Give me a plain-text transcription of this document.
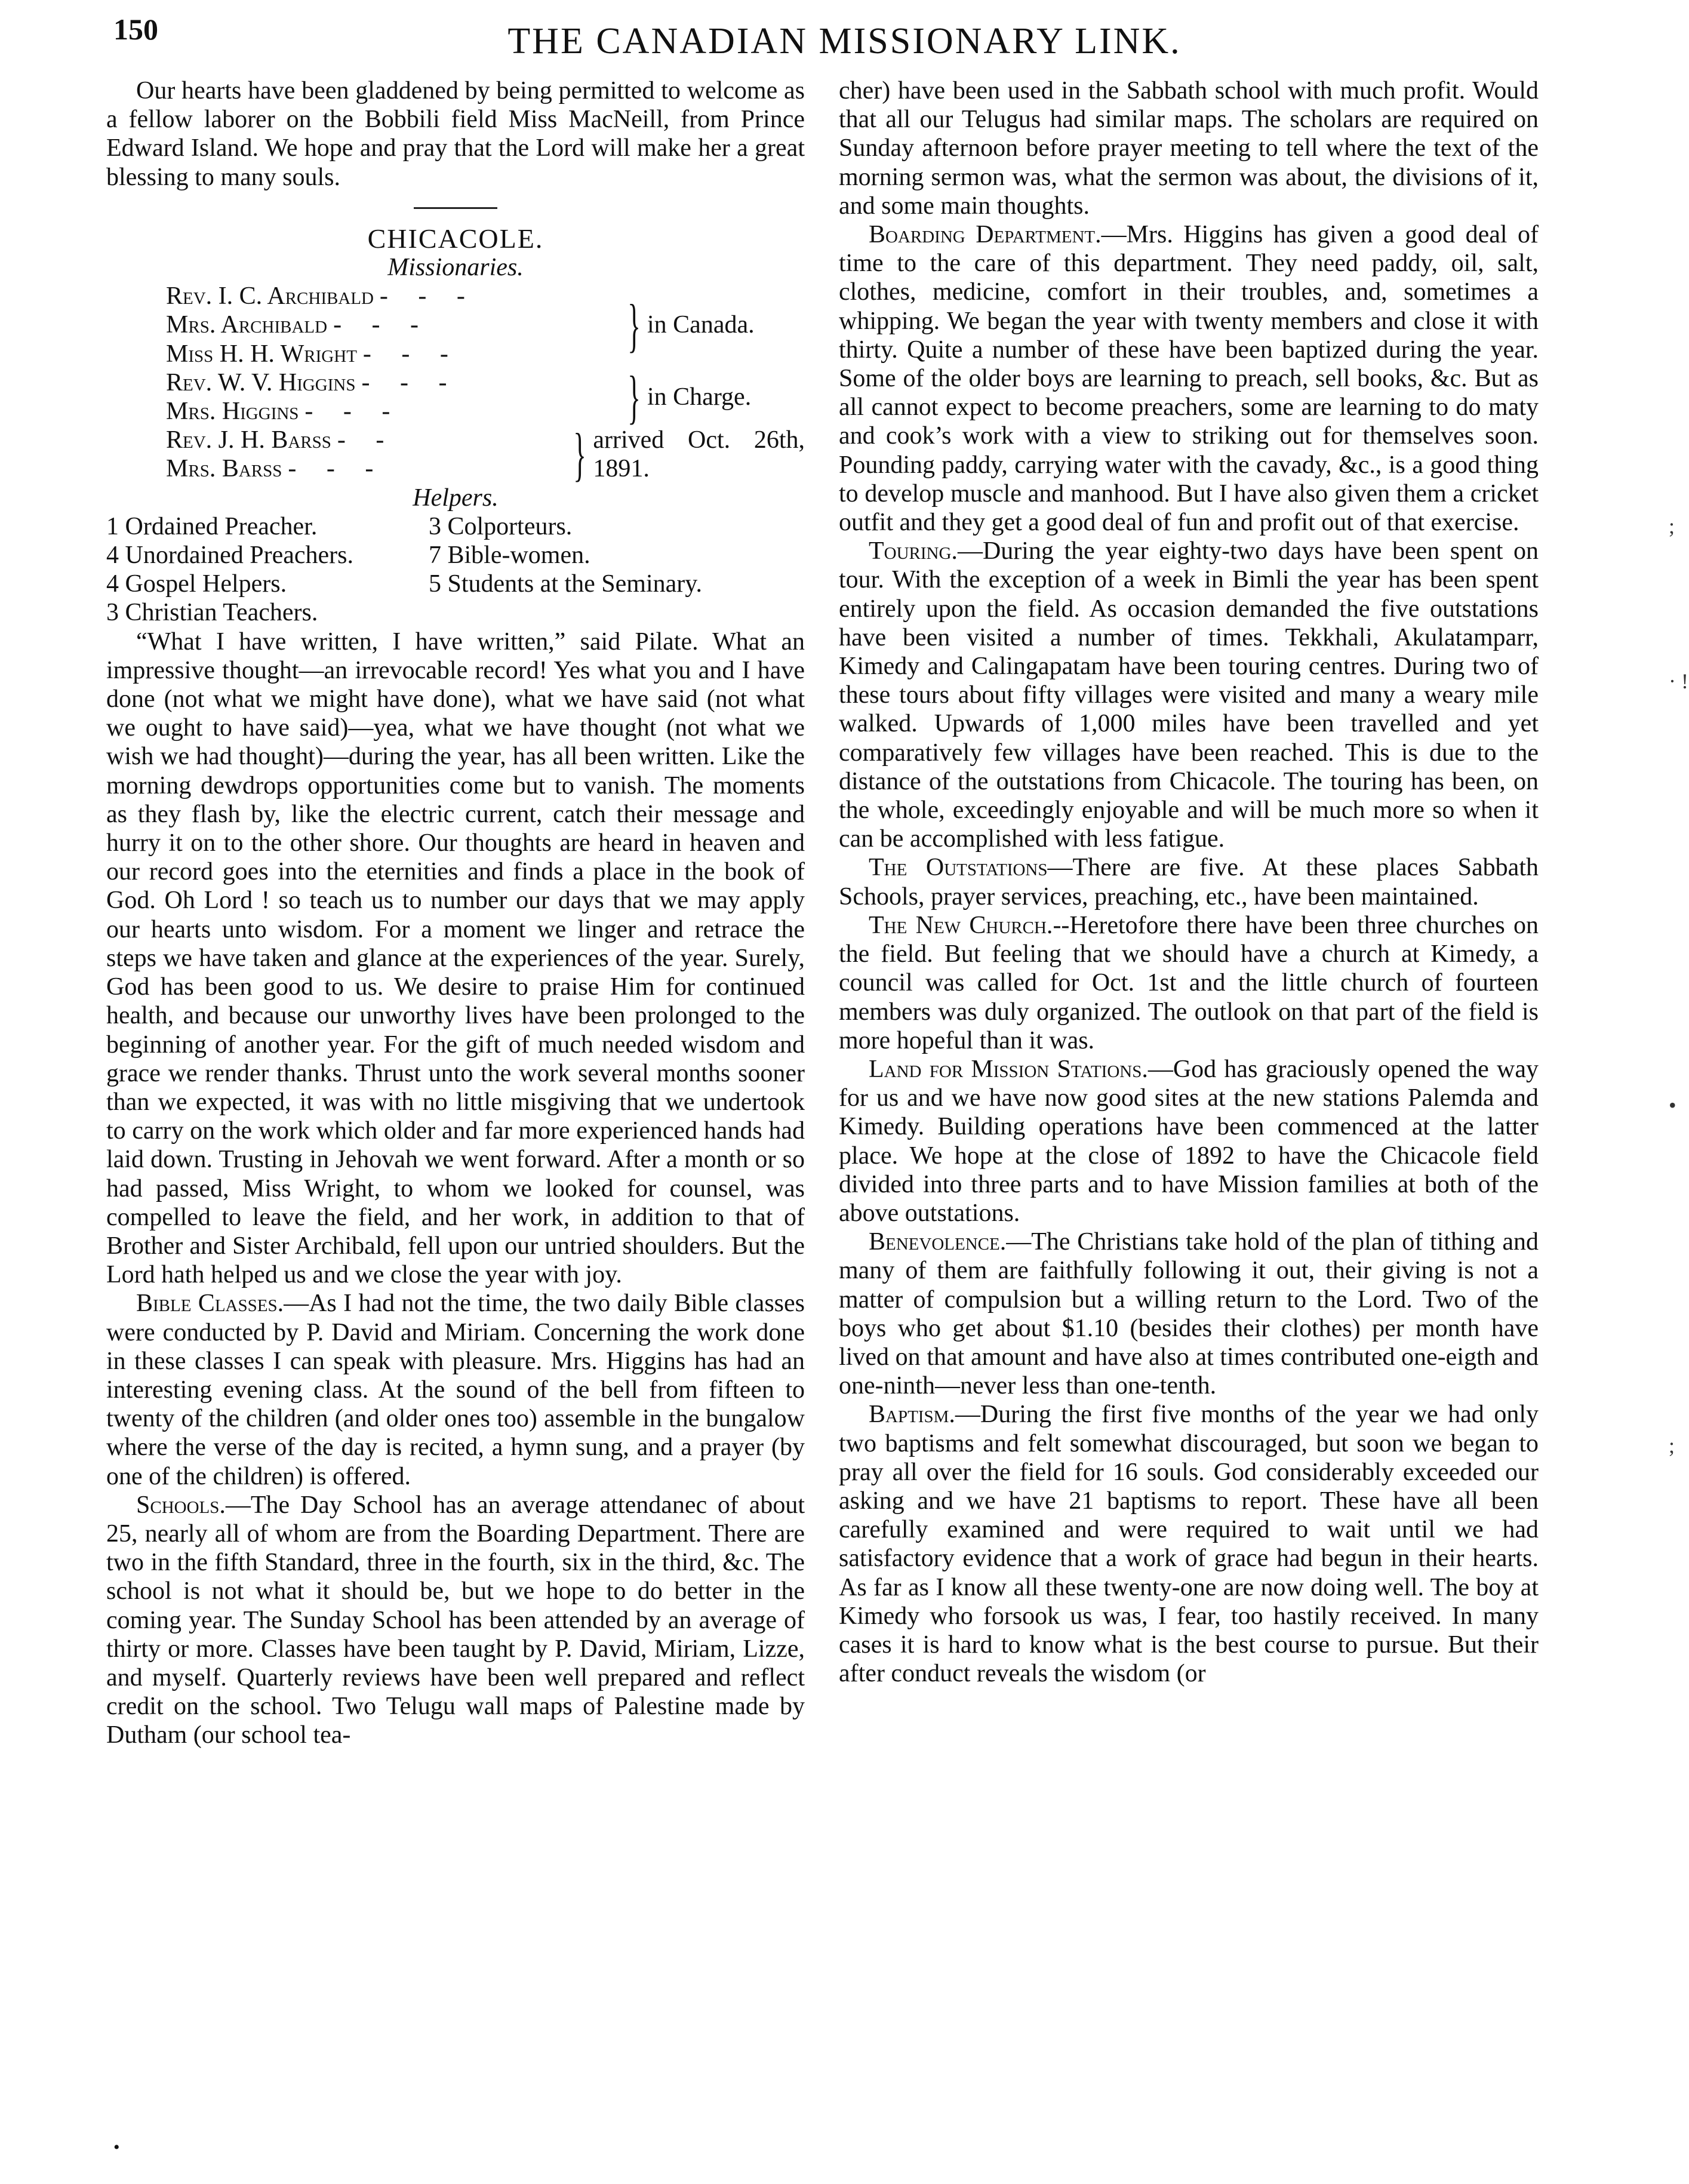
150	THE CANADIAN MISSIONARY LINK.

Our hearts have been gladdened by being permitted to welcome as a fellow laborer on the Bobbili field Miss MacNeill, from Prince Edward Island. We hope and pray that the Lord will make her a great blessing to many souls.

CHICACOLE.
Missionaries.
Rev. I. C. Archibald - - -
Mrs. Archibald - - -
Miss H. H. Wright - - -	} in Canada.
Rev. W. V. Higgins - - -
Mrs. Higgins - - -	} in Charge.
Rev. J. H. Barss - -
Mrs. Barss - - -	} arrived Oct. 26th, 1891.
Helpers.
1 Ordained Preacher.	3 Colporteurs.
4 Unordained Preachers.	7 Bible-women.
4 Gospel Helpers.	5 Students at the Seminary.
3 Christian Teachers.

“What I have written, I have written,” said Pilate. What an impressive thought—an irrevocable record! Yes what you and I have done (not what we might have done), what we have said (not what we ought to have said)—yea, what we have thought (not what we wish we had thought)—during the year, has all been written. Like the morning dewdrops opportunities come but to vanish. The moments as they flash by, like the electric current, catch their message and hurry it on to the other shore. Our thoughts are heard in heaven and our record goes into the eternities and finds a place in the book of God. Oh Lord ! so teach us to number our days that we may apply our hearts unto wisdom. For a moment we linger and retrace the steps we have taken and glance at the experiences of the year. Surely, God has been good to us. We desire to praise Him for continued health, and because our unworthy lives have been prolonged to the beginning of another year. For the gift of much needed wisdom and grace we render thanks. Thrust unto the work several months sooner than we expected, it was with no little misgiving that we undertook to carry on the work which older and far more experienced hands had laid down. Trusting in Jehovah we went forward. After a month or so had passed, Miss Wright, to whom we looked for counsel, was compelled to leave the field, and her work, in addition to that of Brother and Sister Archibald, fell upon our untried shoulders. But the Lord hath helped us and we close the year with joy.

Bible Classes.—As I had not the time, the two daily Bible classes were conducted by P. David and Miriam. Concerning the work done in these classes I can speak with pleasure. Mrs. Higgins has had an interesting evening class. At the sound of the bell from fifteen to twenty of the children (and older ones too) assemble in the bungalow where the verse of the day is recited, a hymn sung, and a prayer (by one of the children) is offered.

Schools.—The Day School has an average attendanec of about 25, nearly all of whom are from the Boarding Department. There are two in the fifth Standard, three in the fourth, six in the third, &c. The school is not what it should be, but we hope to do better in the coming year. The Sunday School has been attended by an average of thirty or more. Classes have been taught by P. David, Miriam, Lizze, and myself. Quarterly reviews have been well prepared and reflect credit on the school. Two Telugu wall maps of Palestine made by Dutham (our school tea-

cher) have been used in the Sabbath school with much profit. Would that all our Telugus had similar maps. The scholars are required on Sunday afternoon before prayer meeting to tell where the text of the morning sermon was, what the sermon was about, the divisions of it, and some main thoughts.

Boarding Department.—Mrs. Higgins has given a good deal of time to the care of this department. They need paddy, oil, salt, clothes, medicine, comfort in their troubles, and, sometimes a whipping. We began the year with twenty members and close it with thirty. Quite a number of these have been baptized during the year. Some of the older boys are learning to preach, sell books, &c. But as all cannot expect to become preachers, some are learning to do maty and cook’s work with a view to striking out for themselves soon. Pounding paddy, carrying water with the cavady, &c., is a good thing to develop muscle and manhood. But I have also given them a cricket outfit and they get a good deal of fun and profit out of that exercise.

Touring.—During the year eighty-two days have been spent on tour. With the exception of a week in Bimli the year has been spent entirely upon the field. As occasion demanded the five outstations have been visited a number of times. Tekkhali, Akulatamparr, Kimedy and Calingapatam have been touring centres. During two of these tours about fifty villages were visited and many a weary mile walked. Upwards of 1,000 miles have been travelled and yet comparatively few villages have been reached. This is due to the distance of the outstations from Chicacole. The touring has been, on the whole, exceedingly enjoyable and will be much more so when it can be accomplished with less fatigue.

The Outstations—There are five. At these places Sabbath Schools, prayer services, preaching, etc., have been maintained.

The New Church.--Heretofore there have been three churches on the field. But feeling that we should have a church at Kimedy, a council was called for Oct. 1st and the little church of fourteen members was duly organized. The outlook on that part of the field is more hopeful than it was.

Land for Mission Stations.—God has graciously opened the way for us and we have now good sites at the new stations Palemda and Kimedy. Building operations have been commenced at the latter place. We hope at the close of 1892 to have the Chicacole field divided into three parts and to have Mission families at both of the above outstations.

Benevolence.—The Christians take hold of the plan of tithing and many of them are faithfully following it out, their giving is not a matter of compulsion but a willing return to the Lord. Two of the boys who get about $1.10 (besides their clothes) per month have lived on that amount and have also at times contributed one-eigth and one-ninth—never less than one-tenth.

Baptism.—During the first five months of the year we had only two baptisms and felt somewhat discouraged, but soon we began to pray all over the field for 16 souls. God considerably exceeded our asking and we have 21 baptisms to report. These have all been carefully examined and were required to wait until we had satisfactory evidence that a work of grace had begun in their hearts. As far as I know all these twenty-one are now doing well. The boy at Kimedy who forsook us was, I fear, too hastily received. In many cases it is hard to know what is the best course to pursue. But their after conduct reveals the wisdom (or

;
· !
•
;
•
